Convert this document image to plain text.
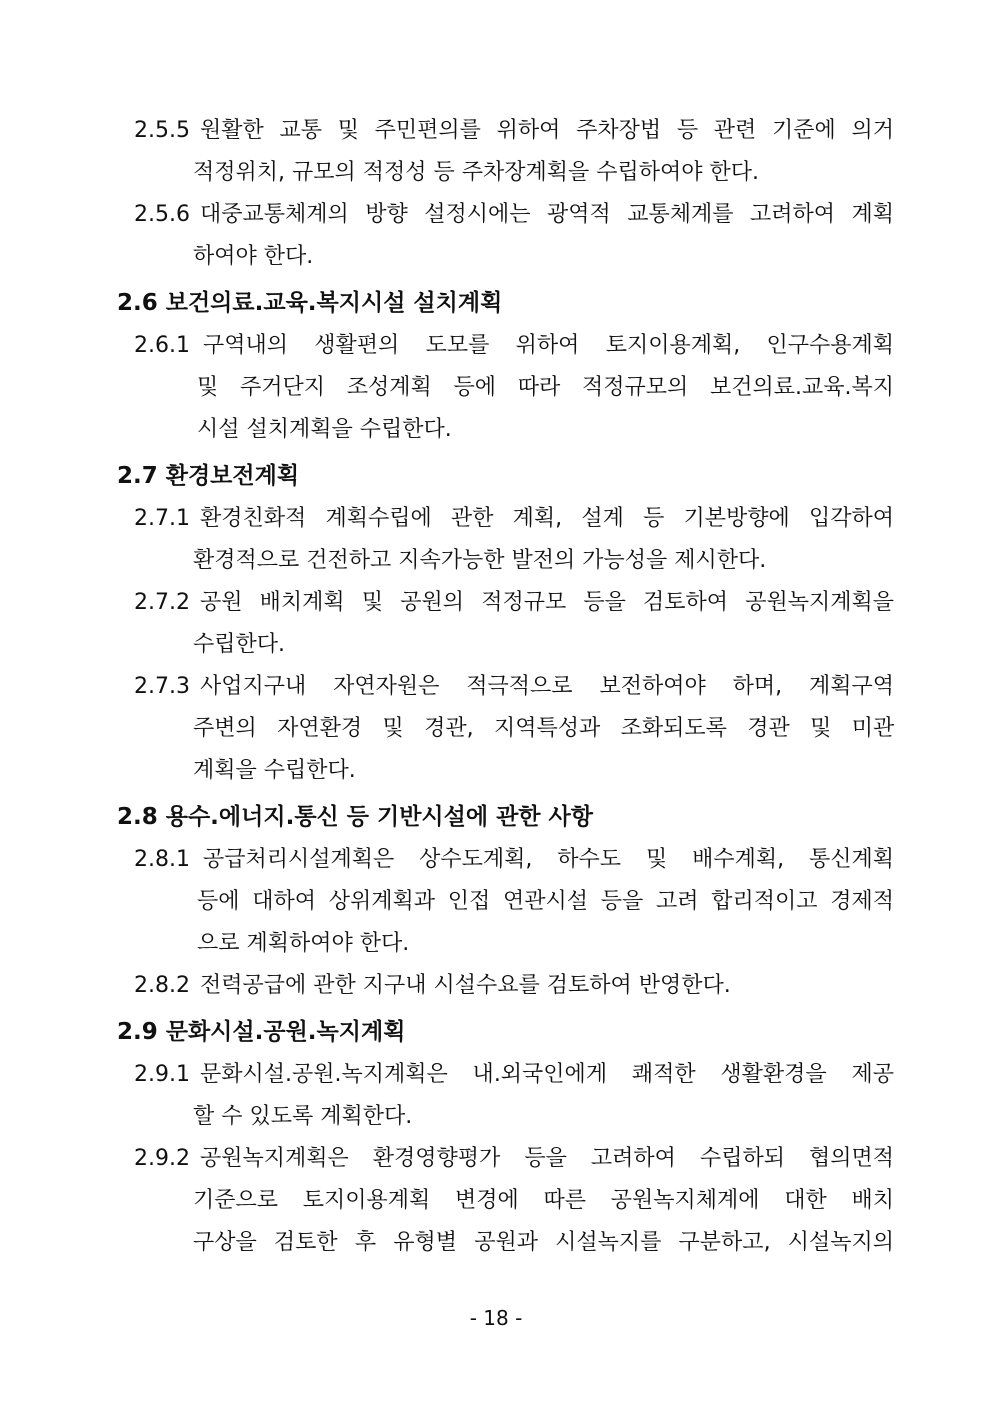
2.5.5 원활한 교통 및 주민편의를 위하여 주차장법 등 관련 기준에 의거
적정위치, 규모의 적정성 등 주차장계획을 수립하여야 한다.
2.5.6 대중교통체계의 방향 설정시에는 광역적 교통체계를 고려하여 계획
하여야 한다.
2.6 보건의료.교육.복지시설 설치계획
2.6.1 구역내의 생활편의 도모를 위하여 토지이용계획, 인구수용계획
및 주거단지 조성계획 등에 따라 적정규모의 보건의료.교육.복지
시설 설치계획을 수립한다.
2.7 환경보전계획
2.7.1 환경친화적 계획수립에 관한 계획, 설계 등 기본방향에 입각하여
환경적으로 건전하고 지속가능한 발전의 가능성을 제시한다.
2.7.2 공원 배치계획 및 공원의 적정규모 등을 검토하여 공원녹지계획을
수립한다.
2.7.3 사업지구내 자연자원은 적극적으로 보전하여야 하며, 계획구역
주변의 자연환경 및 경관, 지역특성과 조화되도록 경관 및 미관
계획을 수립한다.
2.8 용수.에너지.통신 등 기반시설에 관한 사항
2.8.1 공급처리시설계획은 상수도계획, 하수도 및 배수계획, 통신계획
등에 대하여 상위계획과 인접 연관시설 등을 고려 합리적이고 경제적
으로 계획하여야 한다.
2.8.2 전력공급에 관한 지구내 시설수요를 검토하여 반영한다.
2.9 문화시설.공원.녹지계획
2.9.1 문화시설.공원.녹지계획은 내.외국인에게 쾌적한 생활환경을 제공
할 수 있도록 계획한다.
2.9.2 공원녹지계획은 환경영향평가 등을 고려하여 수립하되 협의면적
기준으로 토지이용계획 변경에 따른 공원녹지체계에 대한 배치
구상을 검토한 후 유형별 공원과 시설녹지를 구분하고, 시설녹지의
- 18 -
